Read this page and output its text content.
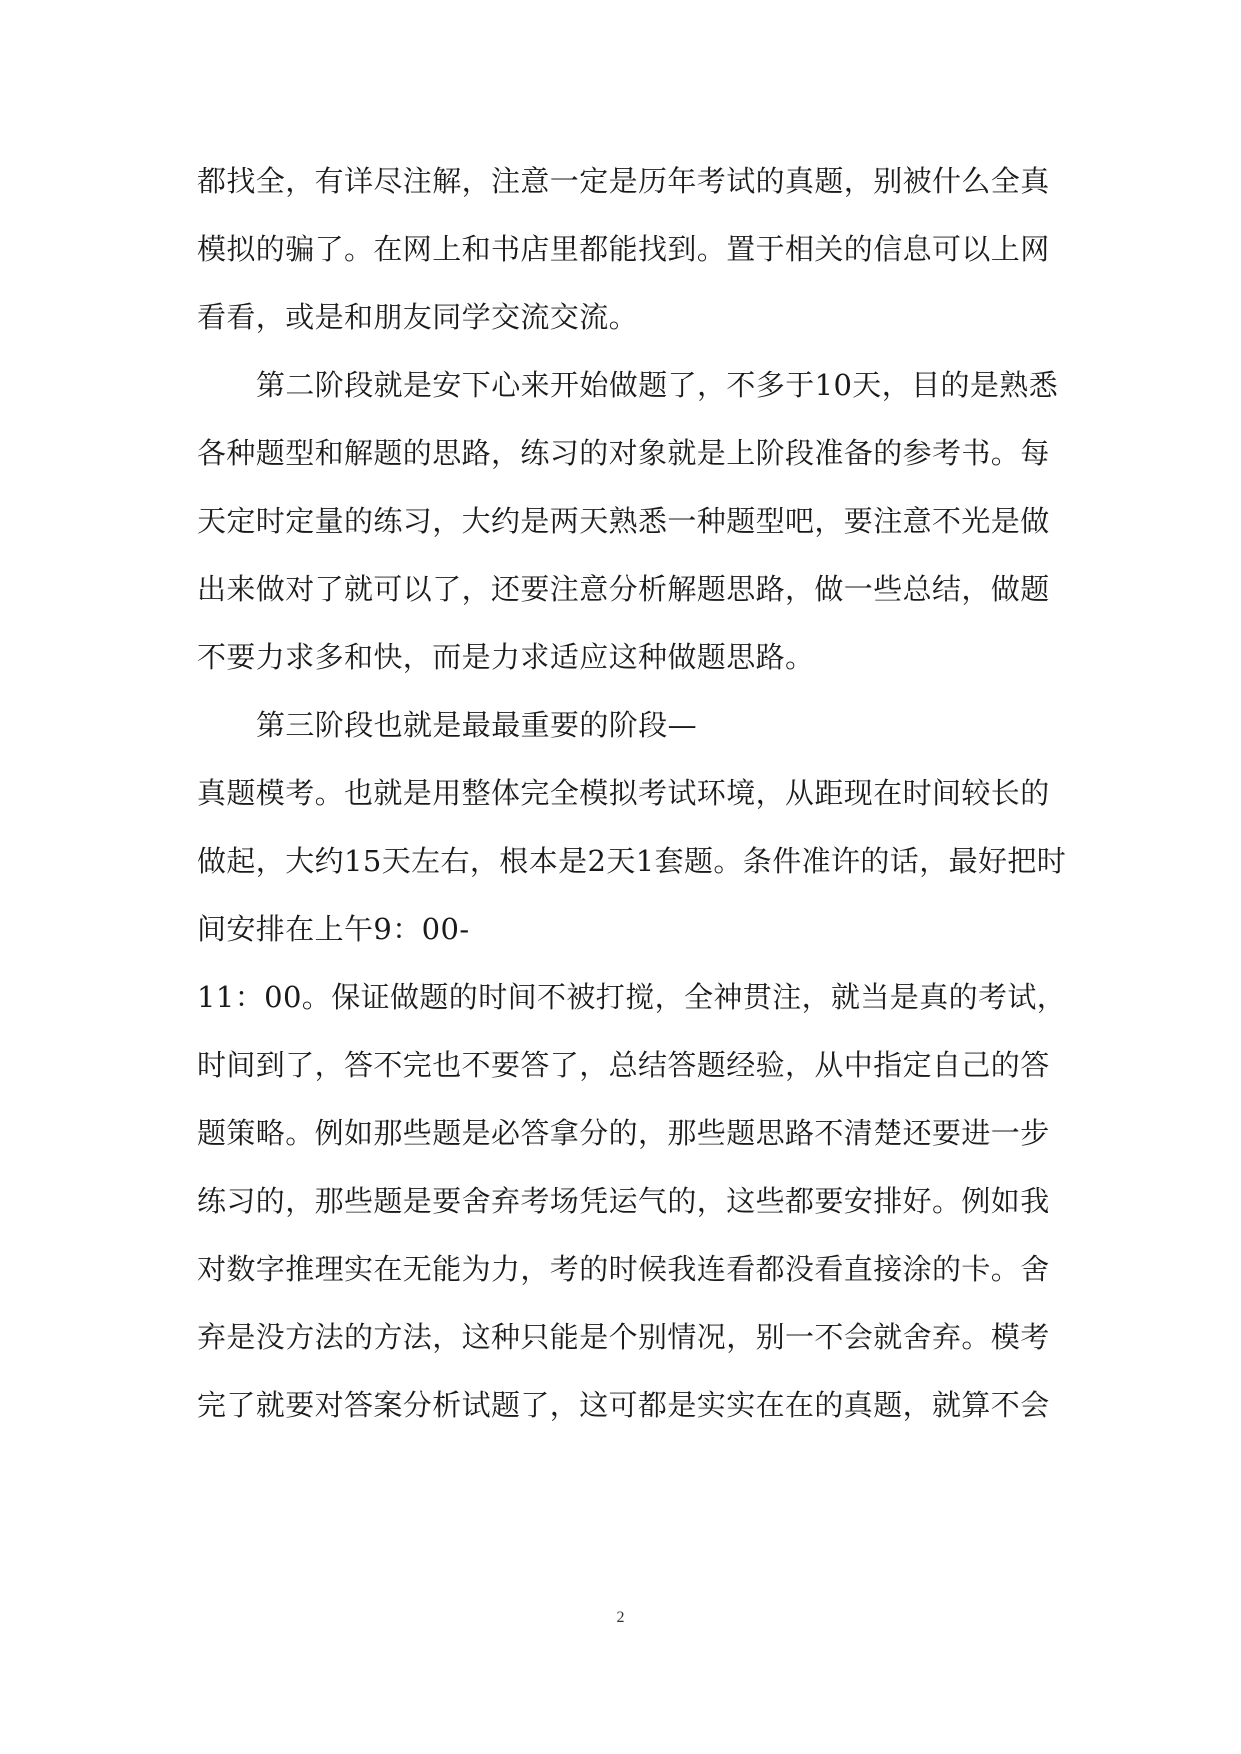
都找全，有详尽注解，注意一定是历年考试的真题，别被什么全真
模拟的骗了。在网上和书店里都能找到。置于相关的信息可以上网
看看，或是和朋友同学交流交流。
第二阶段就是安下心来开始做题了，不多于10天，目的是熟悉
各种题型和解题的思路，练习的对象就是上阶段准备的参考书。每
天定时定量的练习，大约是两天熟悉一种题型吧，要注意不光是做
出来做对了就可以了，还要注意分析解题思路，做一些总结，做题
不要力求多和快，而是力求适应这种做题思路。
第三阶段也就是最最重要的阶段—
真题模考。也就是用整体完全模拟考试环境，从距现在时间较长的
做起，大约15天左右，根本是2天1套题。条件准许的话，最好把时
间安排在上午9：00-
11：00。保证做题的时间不被打搅，全神贯注，就当是真的考试，
时间到了，答不完也不要答了，总结答题经验，从中指定自己的答
题策略。例如那些题是必答拿分的，那些题思路不清楚还要进一步
练习的，那些题是要舍弃考场凭运气的，这些都要安排好。例如我
对数字推理实在无能为力，考的时候我连看都没看直接涂的卡。舍
弃是没方法的方法，这种只能是个别情况，别一不会就舍弃。模考
完了就要对答案分析试题了，这可都是实实在在的真题，就算不会
2
